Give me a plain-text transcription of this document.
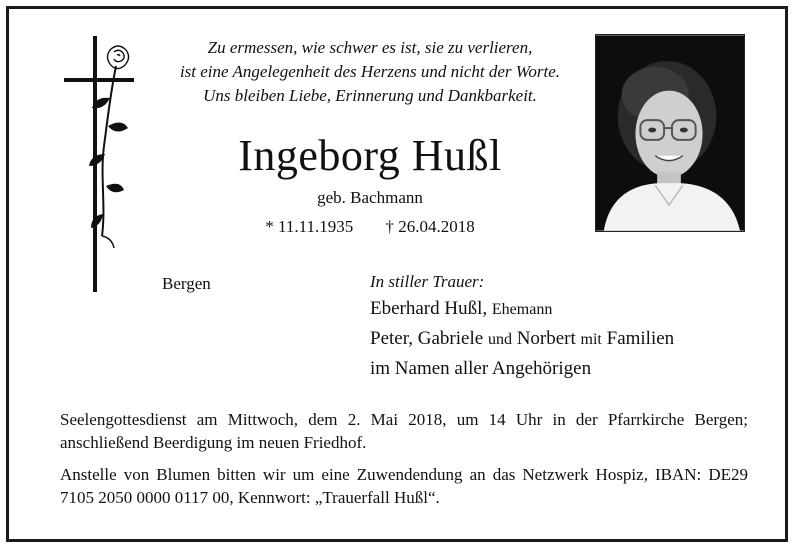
Zu ermessen, wie schwer es ist, sie zu verlieren,
ist eine Angelegenheit des Herzens und nicht der Worte.
Uns bleiben Liebe, Erinnerung und Dankbarkeit.
Ingeborg Hußl
geb. Bachmann
* 11.11.1935 † 26.04.2018
Bergen	In stiller Trauer:
Eberhard Hußl, Ehemann
Peter, Gabriele und Norbert mit Familien
im Namen aller Angehörigen
Seelengottesdienst am Mittwoch, dem 2. Mai 2018, um 14 Uhr in der Pfarrkirche Bergen; anschließend Beerdigung im neuen Friedhof.
Anstelle von Blumen bitten wir um eine Zuwendendung an das Netzwerk Hospiz, IBAN: DE29 7105 2050 0000 0117 00, Kennwort: „Trauerfall Hußl“.
